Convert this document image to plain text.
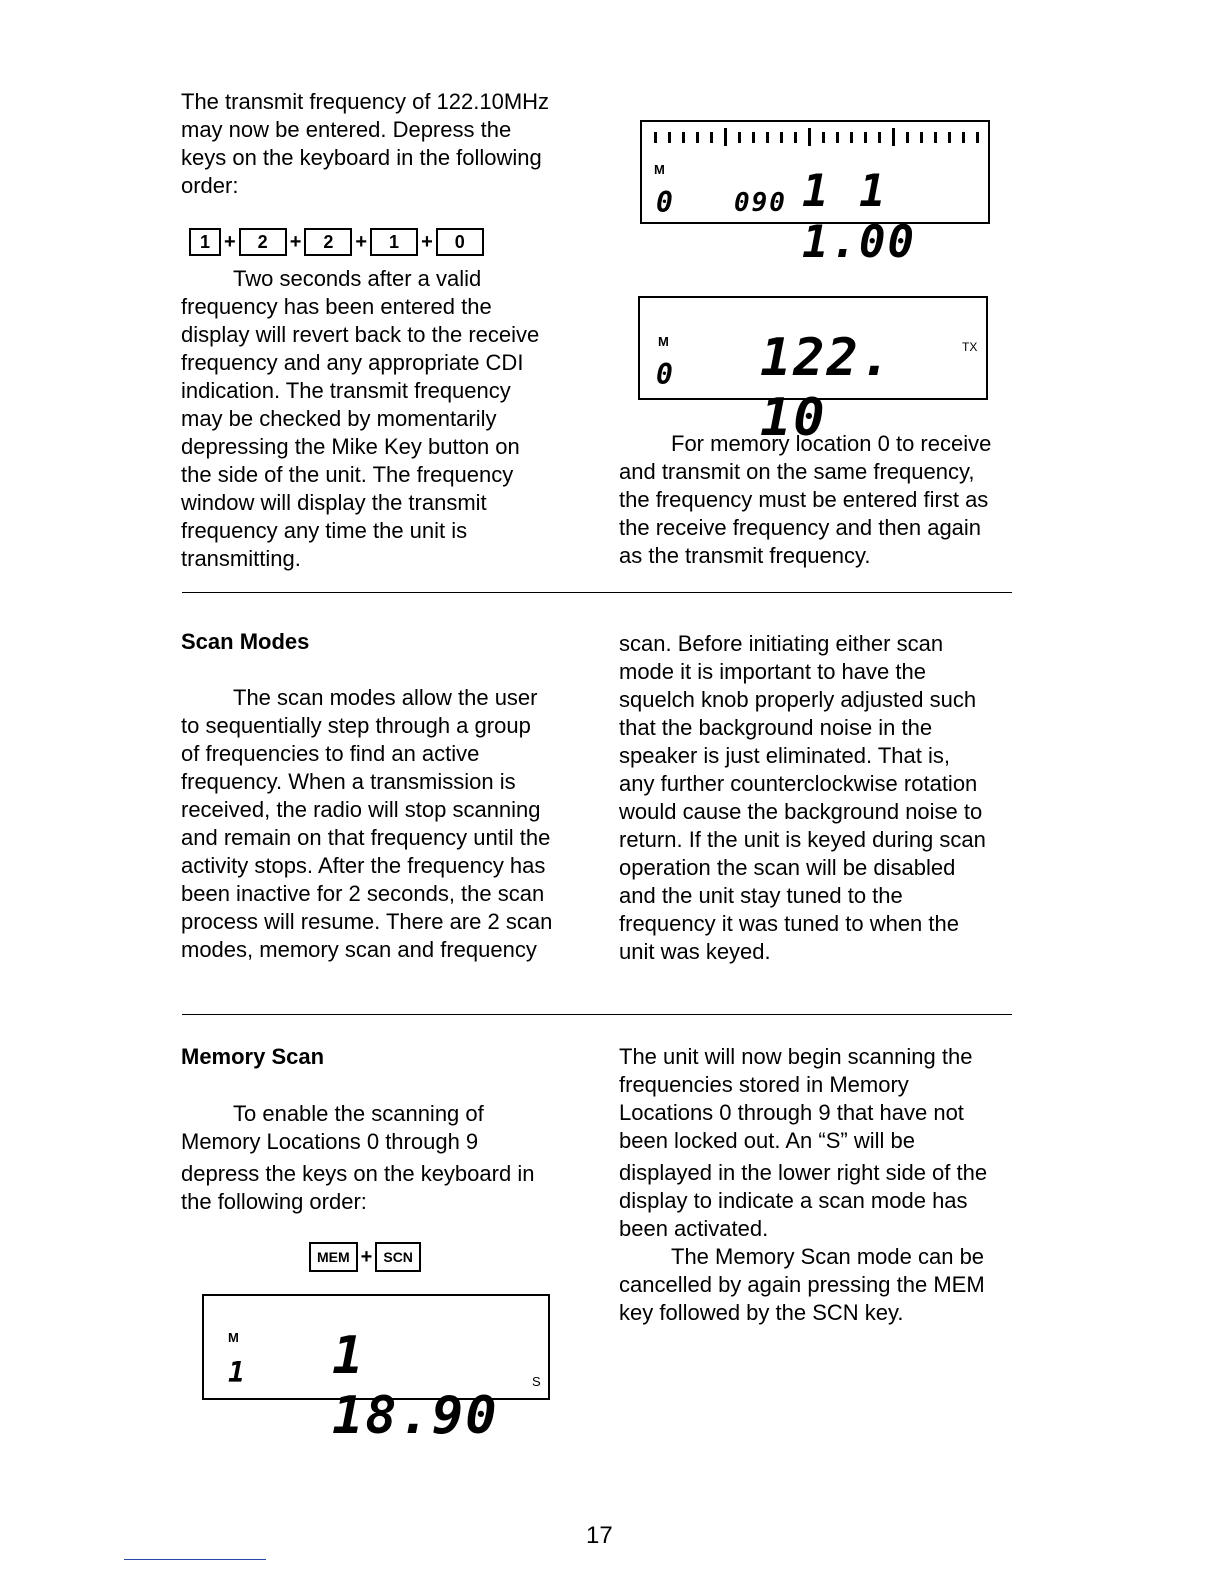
The transmit frequency of 122.10MHz
may now be entered. Depress the
keys on the keyboard in the following
order:
1 +	2	+	2	+	1	+	0
Two seconds after a valid
frequency has been entered the
display will revert back to the receive
frequency and any appropriate CDI
indication. The transmit frequency
may be checked by momentarily
depressing the Mike Key button on
the side of the unit. The frequency
window will display the transmit
frequency any time the unit is
transmitting.
M
0 090 1 1 1.00
M
0 122. 10
TX
For memory location 0 to receive
and transmit on the same frequency,
the frequency must be entered first as
the receive frequency and then again
as the transmit frequency.
Scan Modes
The scan modes allow the user
to sequentially step through a group
of frequencies to find an active
frequency. When a transmission is
received, the radio will stop scanning
and remain on that frequency until the
activity stops. After the frequency has
been inactive for 2 seconds, the scan
process will resume. There are 2 scan
modes, memory scan and frequency
scan. Before initiating either scan
mode it is important to have the
squelch knob properly adjusted such
that the background noise in the
speaker is just eliminated. That is,
any further counterclockwise rotation
would cause the background noise to
return. If the unit is keyed during scan
operation the scan will be disabled
and the unit stay tuned to the
frequency it was tuned to when the
unit was keyed.
Memory Scan
To enable the scanning of
Memory Locations 0 through 9
depress the keys on the keyboard in
the following order:
MEM + SCN
M
1 1 18.90
S
The unit will now begin scanning the
frequencies stored in Memory
Locations 0 through 9 that have not
been locked out. An “S” will be
displayed in the lower right side of the
display to indicate a scan mode has
been activated.
The Memory Scan mode can be
cancelled by again pressing the MEM
key followed by the SCN key.
17
